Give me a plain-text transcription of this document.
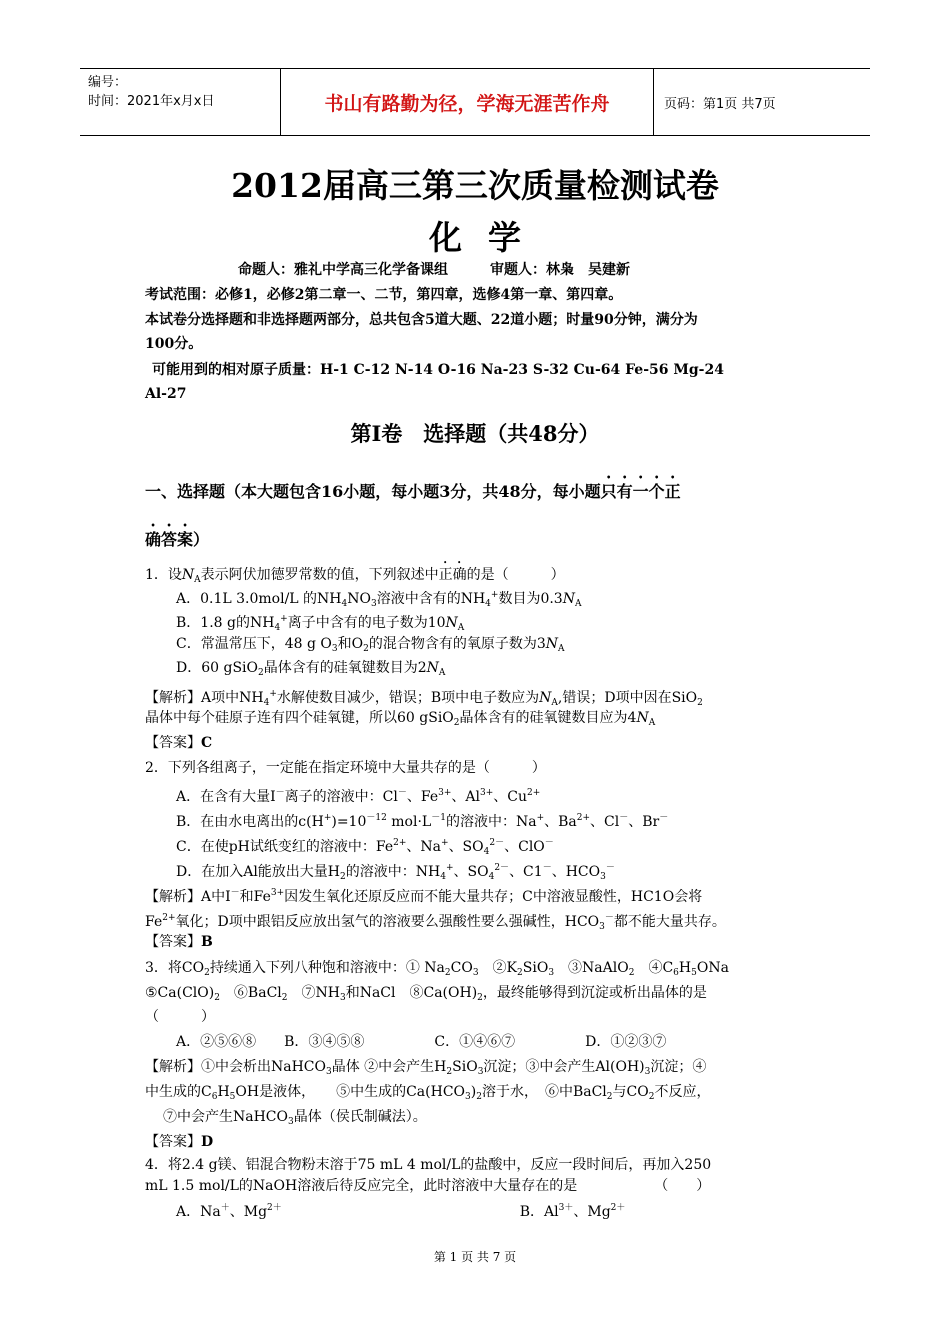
编号：
时间：2021年x月x日	书山有路勤为径，学海无涯苦作舟	页码：第1页 共7页
2012届高三第三次质量检测试卷
化学
命题人：雅礼中学高三化学备课组　　　审题人：林枭　吴建新
考试范围：必修1，必修2第二章一、二节，第四章，选修4第一章、第四章。
本试卷分选择题和非选择题两部分，总共包含5道大题、22道小题；时量90分钟，满分为
100分。
可能用到的相对原子质量：H-1 C-12 N-14 O-16 Na-23 S-32 Cu-64 Fe-56 Mg-24
Al-27
第I卷　选择题（共48分）
一、选择题（本大题包含16小题，每小题3分，共48分，每小题只有一个正
确答案）
1．设$N_A$表示阿伏加德罗常数的值，下列叙述中正确的是（　　　）
A．0.1L 3.0mol/L 的$NH_4NO_3$溶液中含有的$NH_4^+$数目为$0.3N_A$
B．1.8 g的$NH_4^+$离子中含有的电子数为$10N_A$
C．常温常压下，48 g $O_3$和$O_2$的混合物含有的氧原子数为$3N_A$
D．60 gSiO$_2$晶体含有的硅氧键数目为$2N_A$
【解析】A项中$NH_4^+$水解使数目减少，错误；B项中电子数应为$N_A$,错误；D项中因在SiO$_2$
晶体中每个硅原子连有四个硅氧键，所以60 gSiO$_2$晶体含有的硅氧键数目应为$4N_A$
【答案】C
2．下列各组离子，一定能在指定环境中大量共存的是（　　　）
A．在含有大量I－离子的溶液中：Cl－、$Fe^{3+}$、$Al^{3+}$、$Cu^{2+}$
B．在由水电离出的$c(H^+)=10^{-12}$ $mol\cdot L^{-1}$的溶液中：Na+、$Ba^{2+}$、Cl－、Br－
C．在使pH试纸变红的溶液中：$Fe^{2+}$、Na+、$SO_4^{2-}$、ClO－
D．在加入Al能放出大量$H_2$的溶液中：$NH_4^+$、$SO_4^{2-}$、C1－、$HCO_3^-$
【解析】A中I－和$Fe^{3+}$因发生氧化还原反应而不能大量共存；C中溶液显酸性，HC1O会将
$Fe^{2+}$氧化；D项中跟铝反应放出氢气的溶液要么强酸性要么强碱性，$HCO_3^-$都不能大量共存。
【答案】B
3．将$CO_2$持续通入下列八种饱和溶液中：① $Na_2CO_3$　$②K_2SiO_3$　③NaAlO$_2$　$④C_6H_5ONa$
$⑤Ca(ClO)_2$　⑥BaCl$_2$　$⑦NH_3$和NaCl　$⑧Ca(OH)_2$，最终能够得到沉淀或析出晶体的是
（　　　）
A．②⑤⑥⑧　　B．③④⑤⑧　　　　　C．①④⑥⑦　　　　　D．①②③⑦
【解析】①中会析出NaHCO$_3$晶体 ②中会产生$H_2SiO_3$沉淀；③中会产生$Al(OH)_3$沉淀；④
中生成的$C_6H_5OH$是液体，　　⑤中生成的$Ca(HCO_3)_2$溶于水，　⑥中BaCl$_2$与$CO_2$不反应，
⑦中会产生NaHCO$_3$晶体（侯氏制碱法）。
【答案】D
4．将2.4 g镁、铝混合物粉末溶于75 mL 4 mol/L的盐酸中，反应一段时间后，再加入250
mL 1.5 mol/L的NaOH溶液后待反应完全，此时溶液中大量存在的是　　　　　　（　　）
A．Na＋、$Mg^{2+}$　　　　　　　　　　　　　　　　　B．$Al^{3+}$、$Mg^{2+}$
第 1 页 共 7 页
